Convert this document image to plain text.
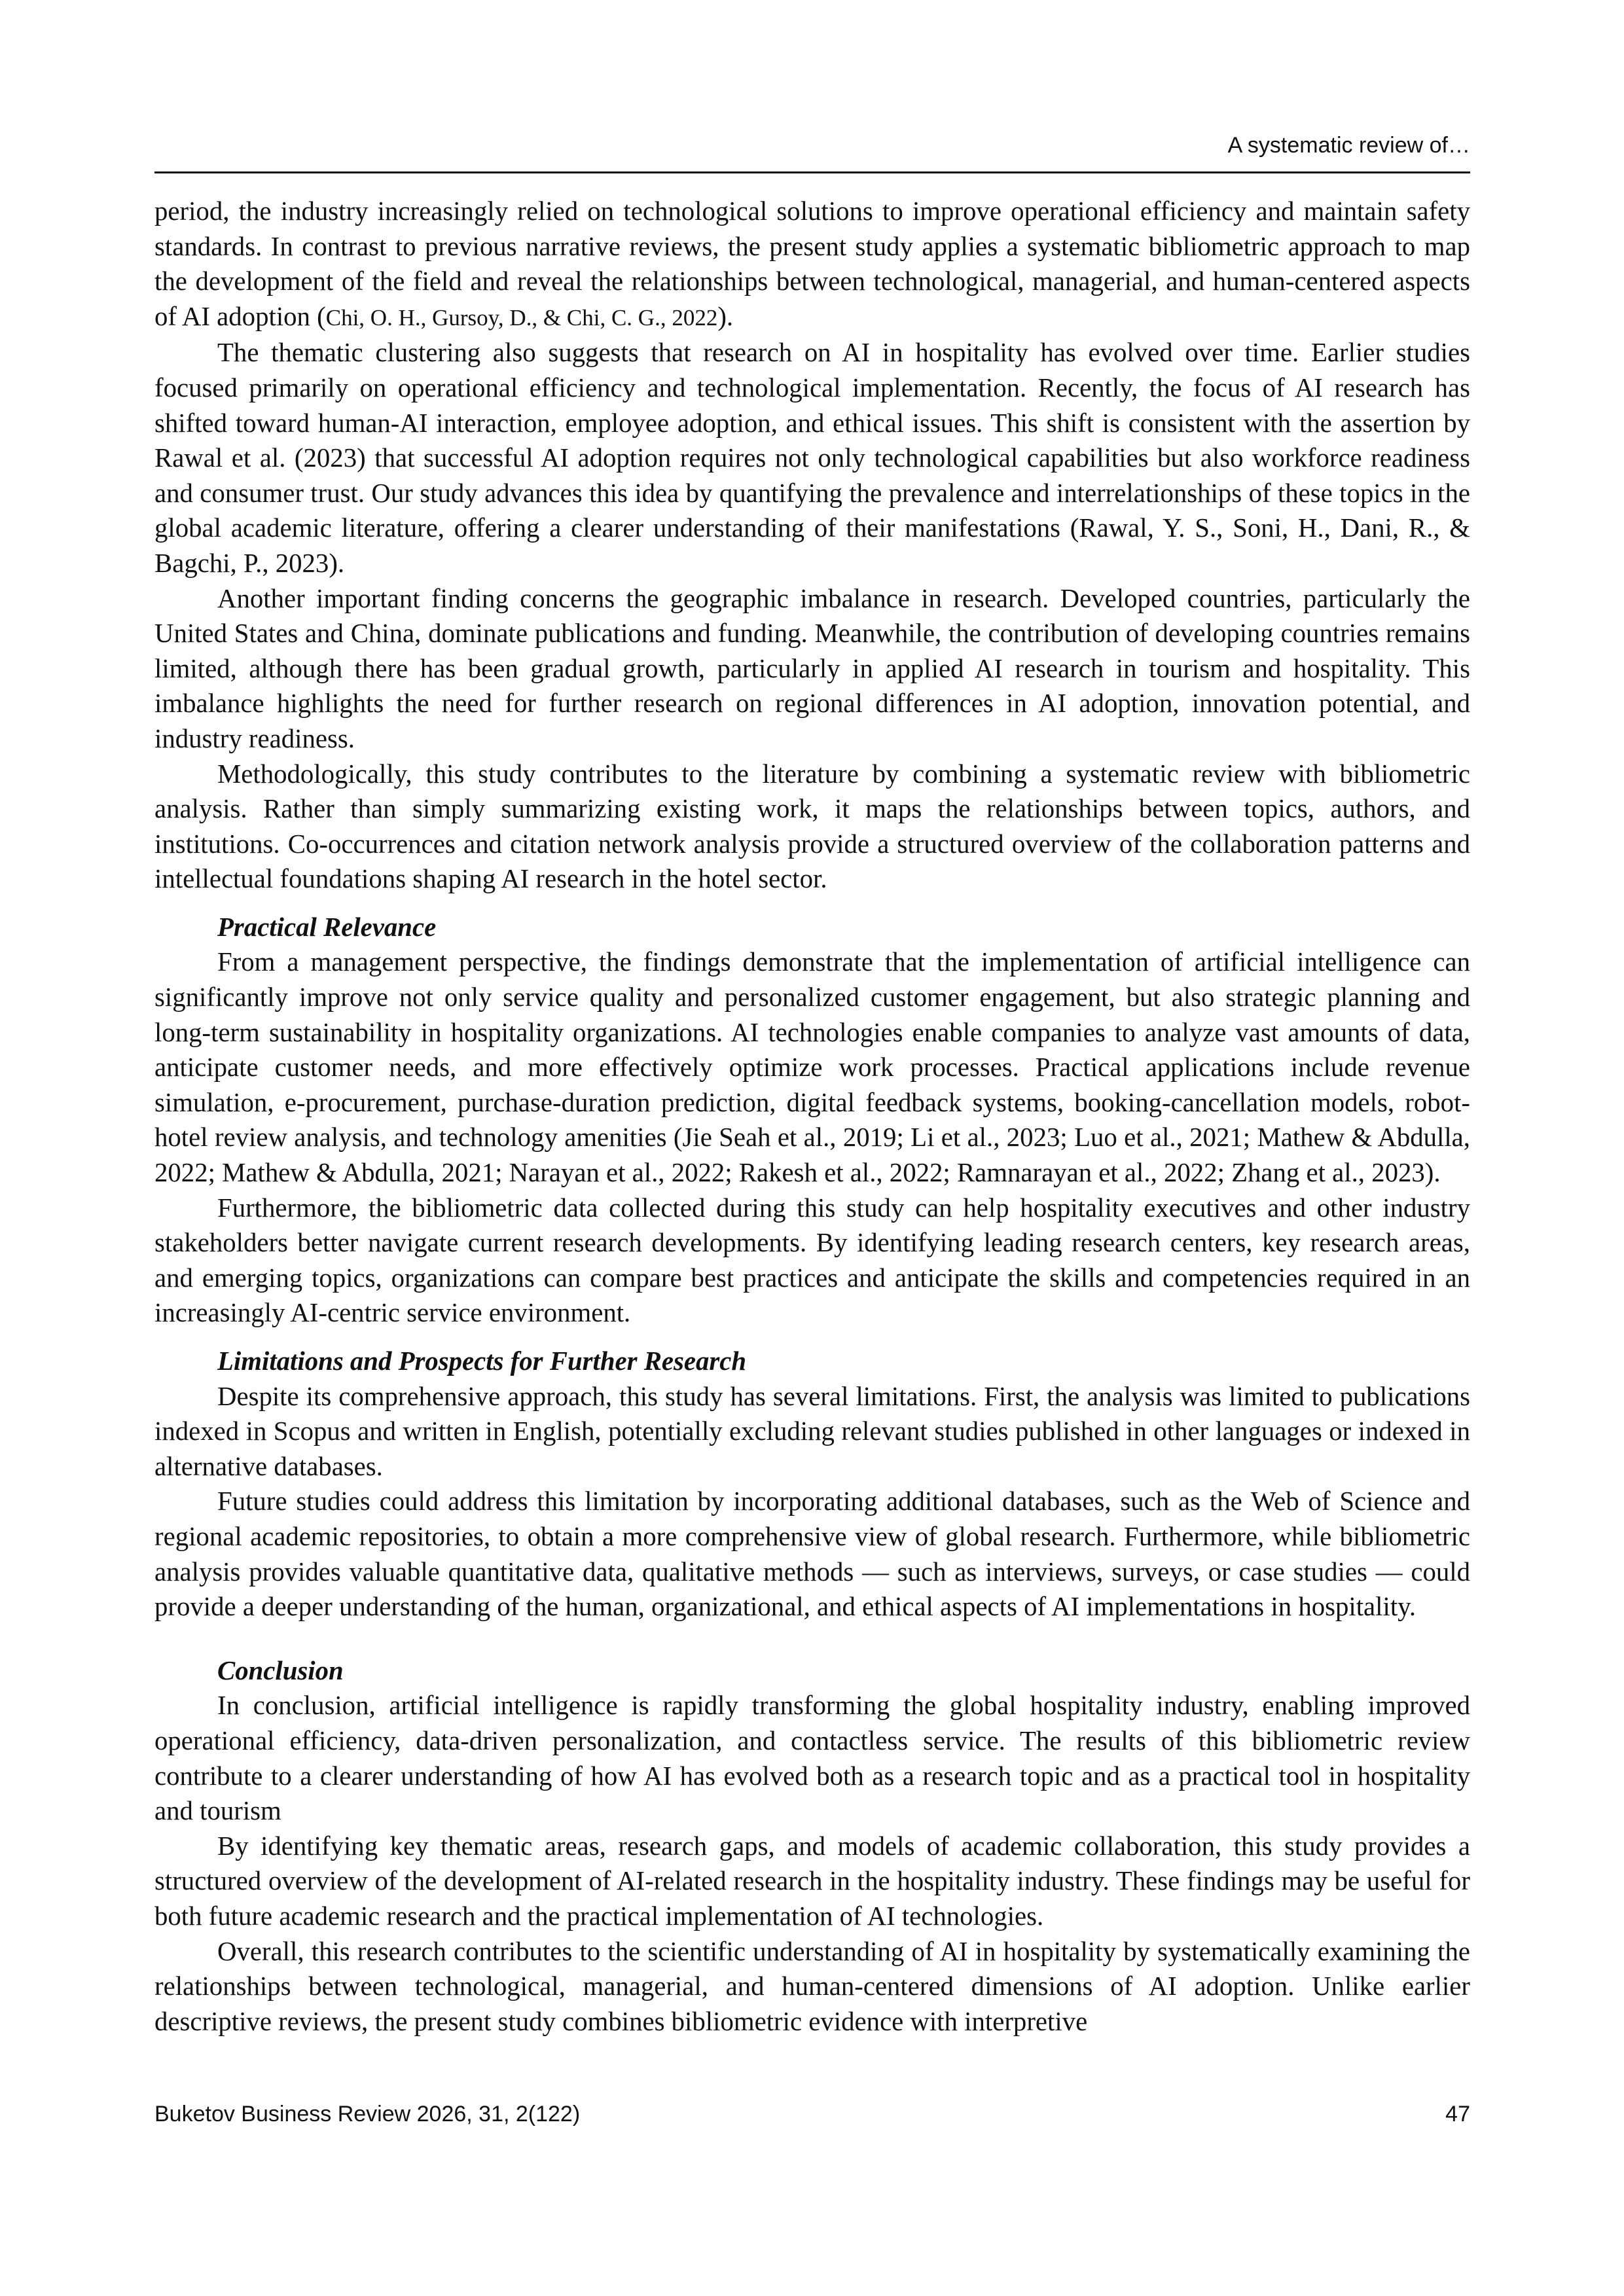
A systematic review of…

period, the industry increasingly relied on technological solutions to improve operational efficiency and maintain safety standards. In contrast to previous narrative reviews, the present study applies a systematic bibliometric approach to map the development of the field and reveal the relationships between technological, managerial, and human-centered aspects of AI adoption (Chi, O. H., Gursoy, D., & Chi, C. G., 2022).

The thematic clustering also suggests that research on AI in hospitality has evolved over time. Earlier studies focused primarily on operational efficiency and technological implementation. Recently, the focus of AI research has shifted toward human-AI interaction, employee adoption, and ethical issues. This shift is consistent with the assertion by Rawal et al. (2023) that successful AI adoption requires not only technological capabilities but also workforce readiness and consumer trust. Our study advances this idea by quantifying the prevalence and interrelationships of these topics in the global academic literature, offering a clearer understanding of their manifestations (Rawal, Y. S., Soni, H., Dani, R., & Bagchi, P., 2023).

Another important finding concerns the geographic imbalance in research. Developed countries, particularly the United States and China, dominate publications and funding. Meanwhile, the contribution of developing countries remains limited, although there has been gradual growth, particularly in applied AI research in tourism and hospitality. This imbalance highlights the need for further research on regional differences in AI adoption, innovation potential, and industry readiness.

Methodologically, this study contributes to the literature by combining a systematic review with bibliometric analysis. Rather than simply summarizing existing work, it maps the relationships between topics, authors, and institutions. Co-occurrences and citation network analysis provide a structured overview of the collaboration patterns and intellectual foundations shaping AI research in the hotel sector.

Practical Relevance

From a management perspective, the findings demonstrate that the implementation of artificial intelligence can significantly improve not only service quality and personalized customer engagement, but also strategic planning and long-term sustainability in hospitality organizations. AI technologies enable companies to analyze vast amounts of data, anticipate customer needs, and more effectively optimize work processes. Practical applications include revenue simulation, e-procurement, purchase-duration prediction, digital feedback systems, booking-cancellation models, robot-hotel review analysis, and technology amenities (Jie Seah et al., 2019; Li et al., 2023; Luo et al., 2021; Mathew & Abdulla, 2022; Mathew & Abdulla, 2021; Narayan et al., 2022; Rakesh et al., 2022; Ramnarayan et al., 2022; Zhang et al., 2023).

Furthermore, the bibliometric data collected during this study can help hospitality executives and other industry stakeholders better navigate current research developments. By identifying leading research centers, key research areas, and emerging topics, organizations can compare best practices and anticipate the skills and competencies required in an increasingly AI-centric service environment.

Limitations and Prospects for Further Research

Despite its comprehensive approach, this study has several limitations. First, the analysis was limited to publications indexed in Scopus and written in English, potentially excluding relevant studies published in other languages or indexed in alternative databases.

Future studies could address this limitation by incorporating additional databases, such as the Web of Science and regional academic repositories, to obtain a more comprehensive view of global research. Furthermore, while bibliometric analysis provides valuable quantitative data, qualitative methods — such as interviews, surveys, or case studies — could provide a deeper understanding of the human, organizational, and ethical aspects of AI implementations in hospitality.

Conclusion

In conclusion, artificial intelligence is rapidly transforming the global hospitality industry, enabling improved operational efficiency, data-driven personalization, and contactless service. The results of this bibliometric review contribute to a clearer understanding of how AI has evolved both as a research topic and as a practical tool in hospitality and tourism

By identifying key thematic areas, research gaps, and models of academic collaboration, this study provides a structured overview of the development of AI-related research in the hospitality industry. These findings may be useful for both future academic research and the practical implementation of AI technologies.

Overall, this research contributes to the scientific understanding of AI in hospitality by systematically examining the relationships between technological, managerial, and human-centered dimensions of AI adoption. Unlike earlier descriptive reviews, the present study combines bibliometric evidence with interpretive

Buketov Business Review 2026, 31, 2(122)	47
